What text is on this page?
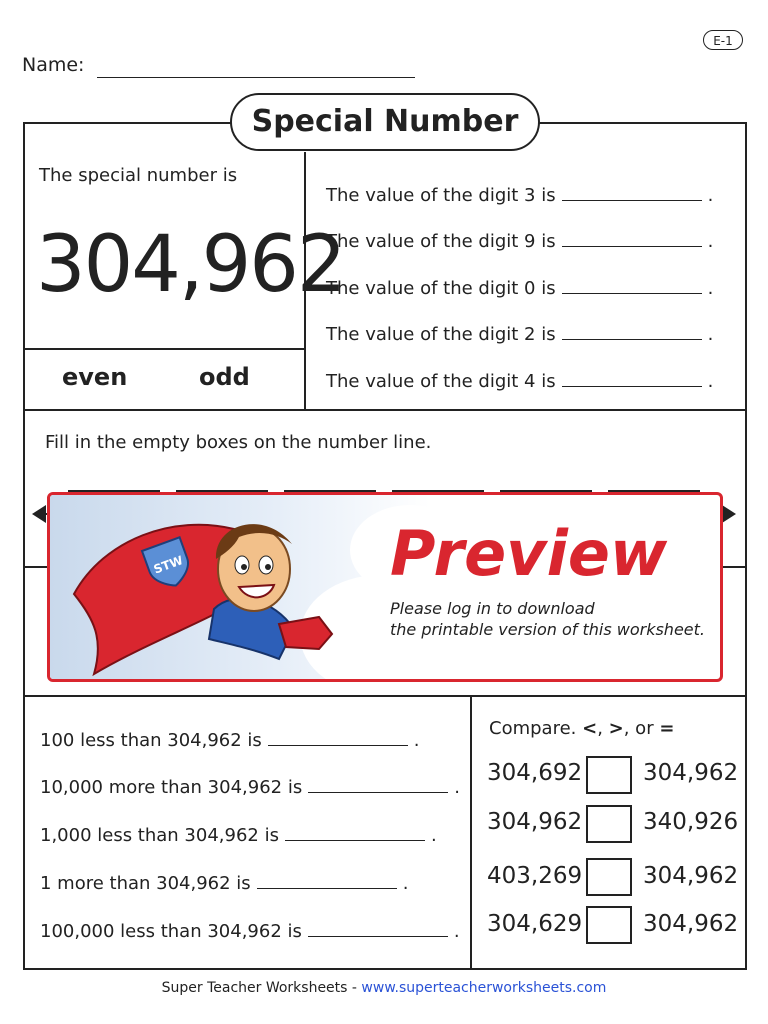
E-1
Name:
Special Number
The special number is
304,962
even	odd
The value of the digit 3 is	.
The value of the digit 9 is	.
The value of the digit 0 is	.
The value of the digit 2 is	.
The value of the digit 4 is	.
Fill in the empty boxes on the number line.
100 less than 304,962 is	.
10,000 more than 304,962 is	.
1,000 less than 304,962 is	.
1 more than 304,962 is	.
100,000 less than 304,962 is	.
Compare. <, >, or =
304,692	304,962
304,962	340,926
403,269	304,962
304,629	304,962
STW	Preview
Please log in to download
the printable version of this worksheet.
Super Teacher Worksheets - www.superteacherworksheets.com
